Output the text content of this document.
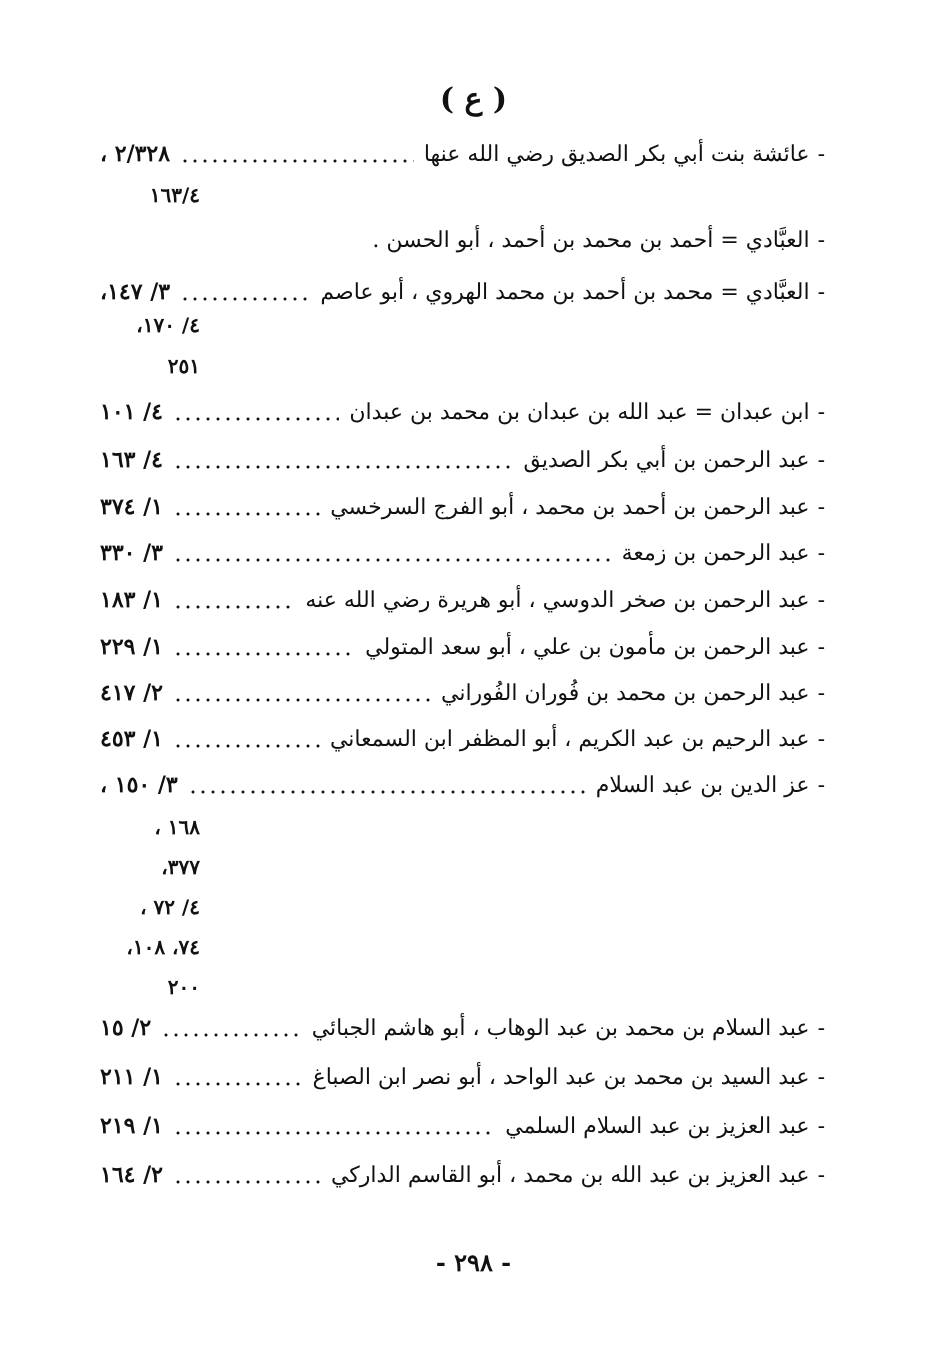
( ع )
-
عائشة بنت أبي بكر الصديق رضي الله عنها
٢/٣٢٨ ،
١٦٣/٤
-
العبَّادي = أحمد بن محمد بن أحمد ، أبو الحسن .
-
العبَّادي = محمد بن أحمد بن محمد الهروي ، أبو عاصم
٣/ ١٤٧،
٤/ ١٧٠،
٢٥١
-
ابن عبدان = عبد الله بن عبدان بن محمد بن عبدان
٤/ ١٠١
-
عبد الرحمن بن أبي بكر الصديق
٤/ ١٦٣
-
عبد الرحمن بن أحمد بن محمد ، أبو الفرج السرخسي
١/ ٣٧٤
-
عبد الرحمن بن زمعة
٣/ ٣٣٠
-
عبد الرحمن بن صخر الدوسي ، أبو هريرة رضي الله عنه
١/ ١٨٣
-
عبد الرحمن بن مأمون بن علي ، أبو سعد المتولي
١/ ٢٢٩
-
عبد الرحمن بن محمد بن فُوران الفُوراني
٢/ ٤١٧
-
عبد الرحيم بن عبد الكريم ، أبو المظفر ابن السمعاني
١/ ٤٥٣
-
عز الدين بن عبد السلام
٣/ ١٥٠ ،
١٦٨ ،
٣٧٧،
٤/ ٧٢ ،
٧٤، ١٠٨،
٢٠٠
-
عبد السلام بن محمد بن عبد الوهاب ، أبو هاشم الجبائي
٢/ ١٥
-
عبد السيد بن محمد بن عبد الواحد ، أبو نصر ابن الصباغ
١/ ٢١١
-
عبد العزيز بن عبد السلام السلمي
١/ ٢١٩
-
عبد العزيز بن عبد الله بن محمد ، أبو القاسم الداركي
٢/ ١٦٤
- ٢٩٨ -
